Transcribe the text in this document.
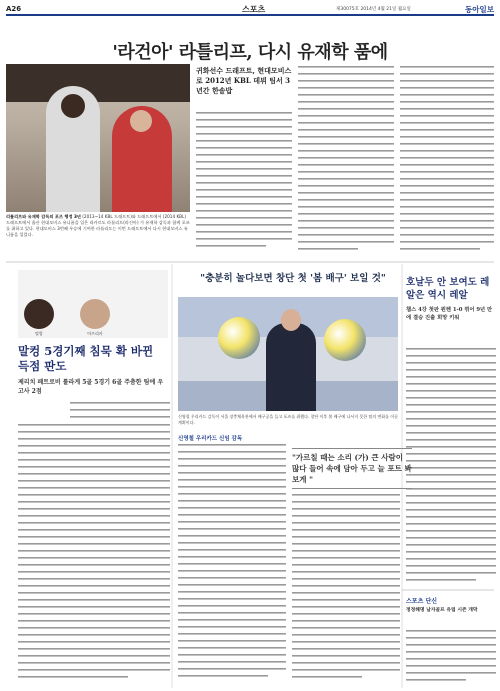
A26	스포츠	제30075호 2014년 4월 21일 월요일	동아일보
'라건아' 라틀리프, 다시 유재학 품에
리틀리프와 유재학 감독의 포즈 행정 3년 (2013~14 KBL 드래프트)와 드래프트에서 (2014 KBL) 드래프트에서 울산 현대모비스 유니폼을 입은 리카르도 라틀리프(라건아) 가 유재학 감독과 함께 포즈를 취하고 있다. 현대모비스 3번째 우승에 기여한 라틀리프는 이번 드래프트에서 다시 현대모비스 유니폼을 입었다.
귀화선수 드래프트, 현대모비스로 2012년 KBL 데뷔 팀서 3년간 한솥밥
탈랑	아프리카
말컹 5경기째 침묵 확 바뀐 득점 판도
제리치 페트로비 룰라게 5골 5경기 6골 주춤한 팀에 우고사 2점
"충분히 놀다보면 창단 첫 '봄 배구' 보일 것"
신영철 우리카드 감독이 서울 장충체육관에서 배구공을 들고 포즈를 취했다. 창단 이후 봄 배구에 나서지 못한 팀의 변화를 이끌 계획이다.
신영철 우리카드 신임 감독
"가르칠 때는 소리 (가) 큰 사람이 많다 들어 속에 담아 두고 늘 포트 봐 보게 "
호날두 안 보여도 레알은 역시 레알
챔스 4강 첫판 뮌헨 1-0 꺾어 9년 만에 결승 진출 희망 키워
스포츠 단신
정정해명 남자골프 유럽 시즌 개막
